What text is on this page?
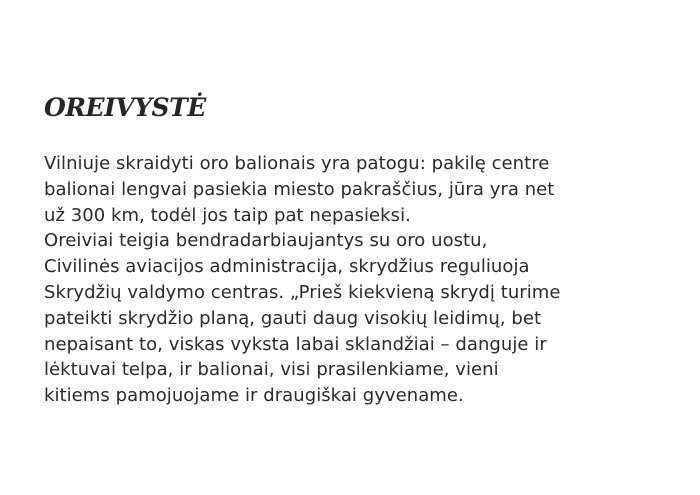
OREIVYSTĖ

Vilniuje skraidyti oro balionais yra patogu: pakilę centre
balionai lengvai pasiekia miesto pakraščius, jūra yra net
už 300 km, todėl jos taip pat nepasieksi.
Oreiviai teigia bendradarbiaujantys su oro uostu,
Civilinės aviacijos administracija, skrydžius reguliuoja
Skrydžių valdymo centras. „Prieš kiekvieną skrydį turime
pateikti skrydžio planą, gauti daug visokių leidimų, bet
nepaisant to, viskas vyksta labai sklandžiai – danguje ir
lėktuvai telpa, ir balionai, visi prasilenkiame, vieni
kitiems pamojuojame ir draugiškai gyvename.
